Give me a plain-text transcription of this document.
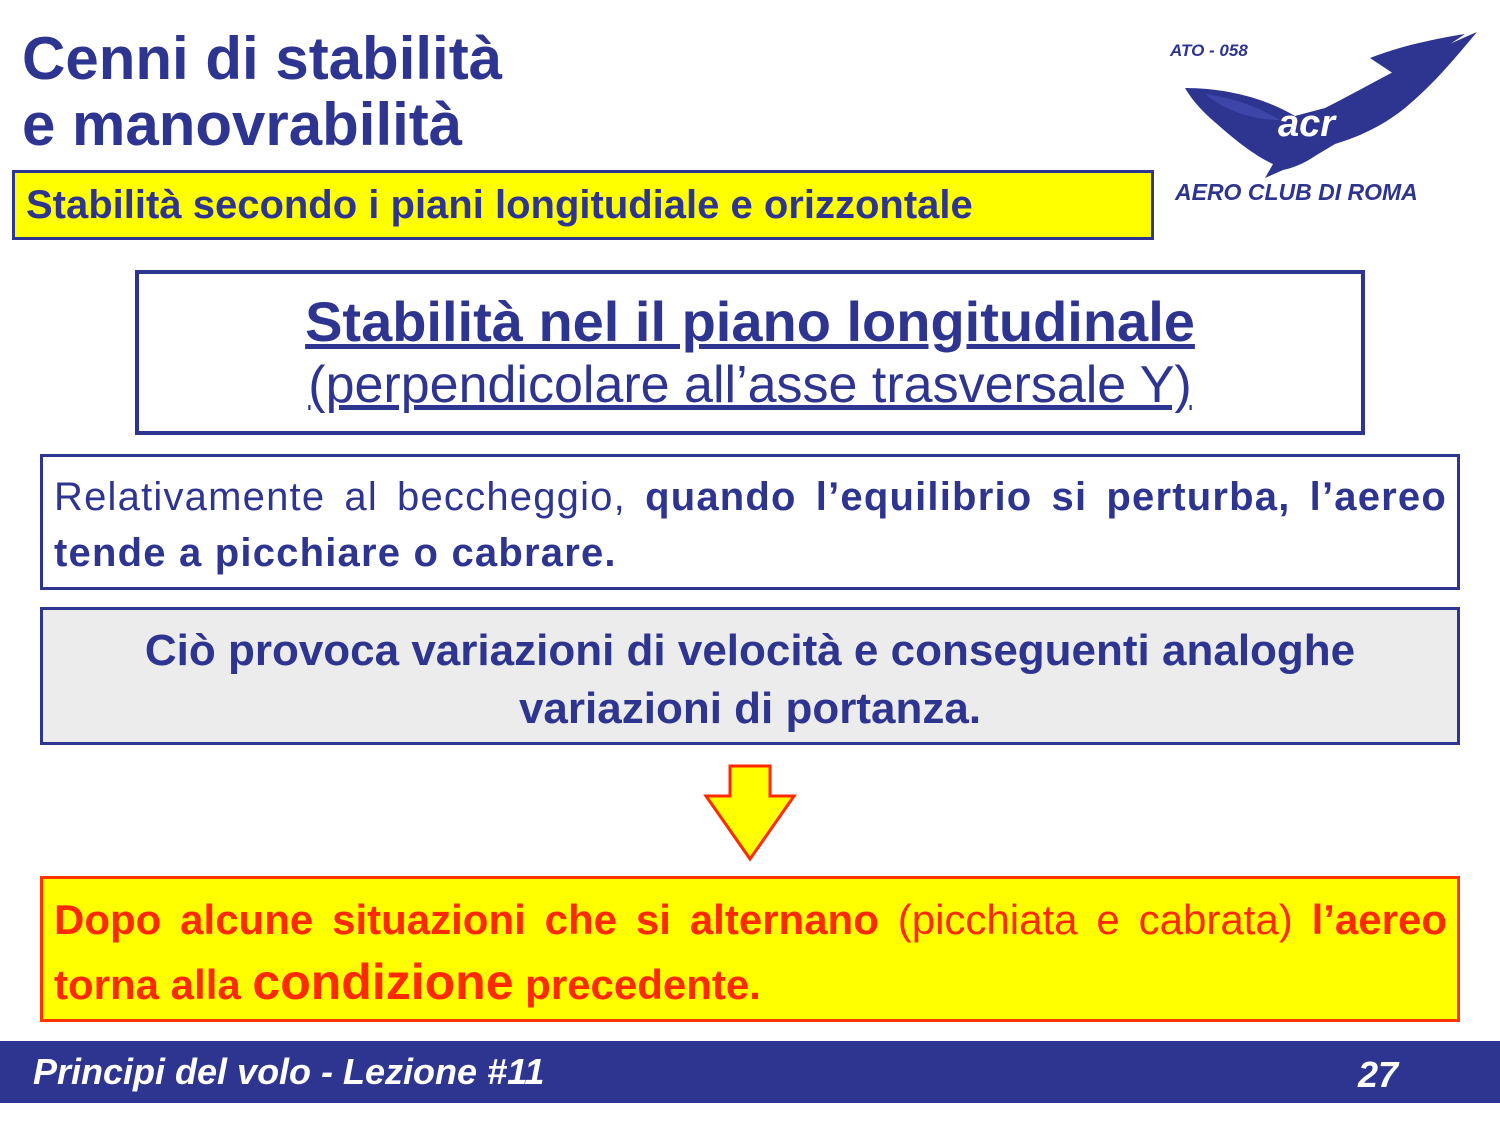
Cenni di stabilità
e manovrabilità
Stabilità secondo i piani longitudiale e orizzontale
ATO - 058
acr
AERO CLUB DI ROMA
Stabilità nel il piano longitudinale
(perpendicolare all’asse trasversale Y)
Relativamente al beccheggio, quando l’equilibrio si perturba, l’aereo tende a picchiare o cabrare.
Ciò provoca variazioni di velocità e conseguenti analoghe variazioni di portanza.
Dopo alcune situazioni che si alternano (picchiata e cabrata) l’aereo torna alla condizione precedente.
Principi del volo - Lezione #11	27
